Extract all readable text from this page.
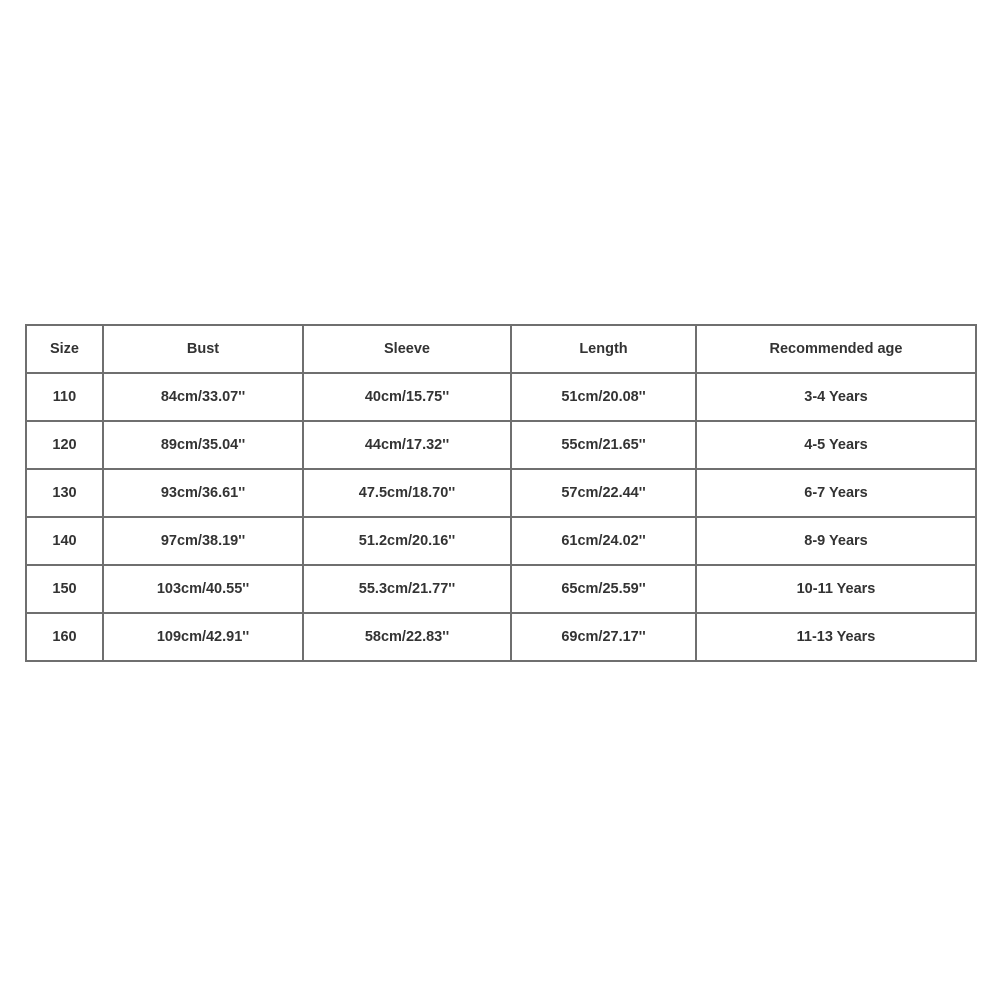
Size	Bust	Sleeve	Length	Recommended age
110	84cm/33.07''	40cm/15.75''	51cm/20.08''	3-4 Years
120	89cm/35.04''	44cm/17.32''	55cm/21.65''	4-5 Years
130	93cm/36.61''	47.5cm/18.70''	57cm/22.44''	6-7 Years
140	97cm/38.19''	51.2cm/20.16''	61cm/24.02''	8-9 Years
150	103cm/40.55''	55.3cm/21.77''	65cm/25.59''	10-11 Years
160	109cm/42.91''	58cm/22.83''	69cm/27.17''	11-13 Years
